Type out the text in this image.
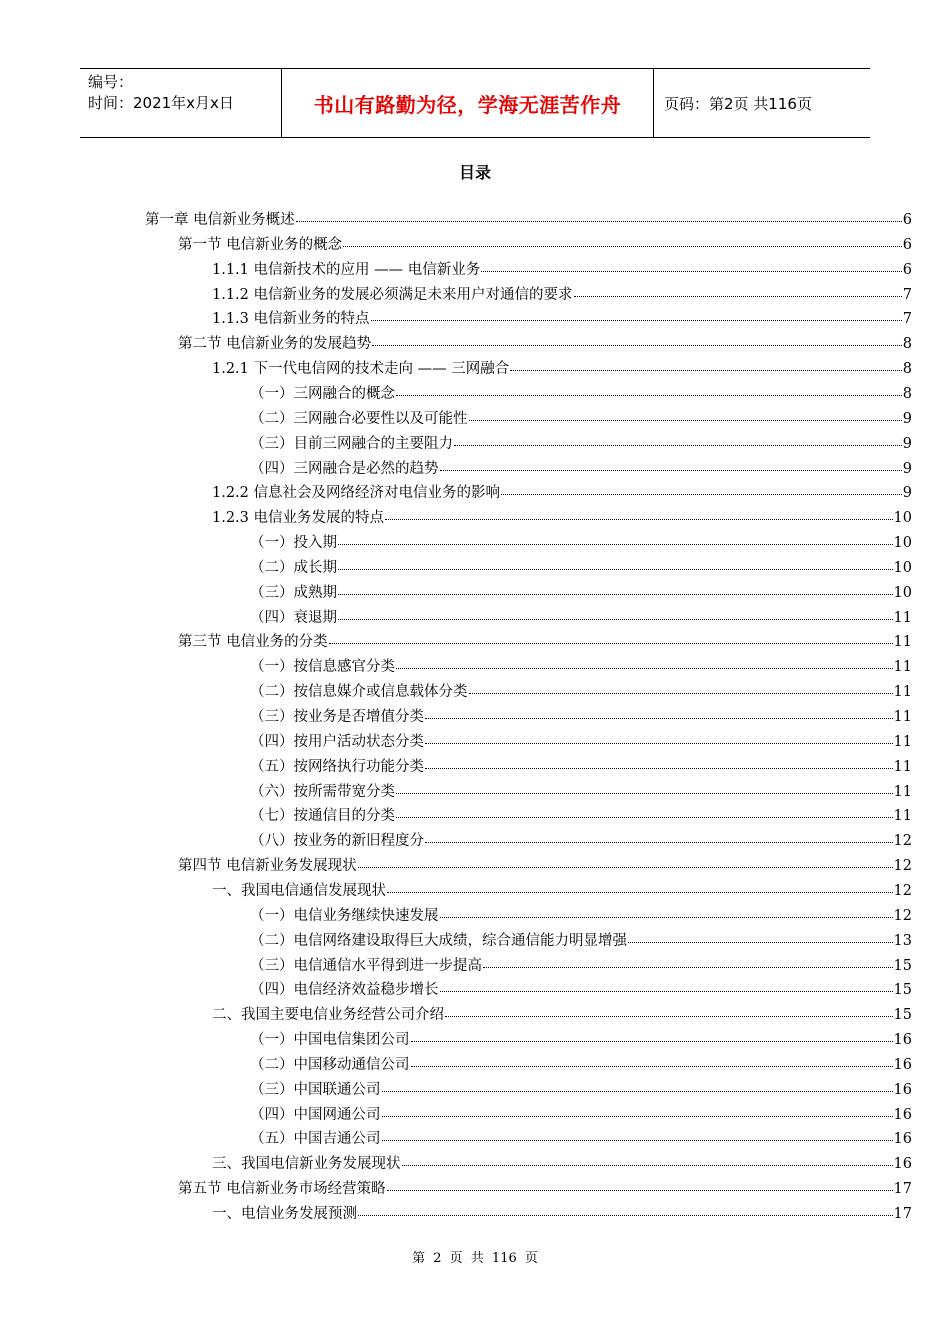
编号：
时间：2021年x月x日	书山有路勤为径，学海无涯苦作舟	页码：第2页 共116页
目录
第一章 电信新业务概述	6
第一节 电信新业务的概念	6
1.1.1 电信新技术的应用 —— 电信新业务	6
1.1.2 电信新业务的发展必须满足未来用户对通信的要求	7
1.1.3 电信新业务的特点	7
第二节 电信新业务的发展趋势	8
1.2.1 下一代电信网的技术走向 —— 三网融合	8
（一）三网融合的概念	8
（二）三网融合必要性以及可能性	9
（三）目前三网融合的主要阻力	9
（四）三网融合是必然的趋势	9
1.2.2 信息社会及网络经济对电信业务的影响	9
1.2.3 电信业务发展的特点	10
（一）投入期	10
（二）成长期	10
（三）成熟期	10
（四）衰退期	11
第三节 电信业务的分类	11
（一）按信息感官分类	11
（二）按信息媒介或信息载体分类	11
（三）按业务是否增值分类	11
（四）按用户活动状态分类	11
（五）按网络执行功能分类	11
（六）按所需带宽分类	11
（七）按通信目的分类	11
（八）按业务的新旧程度分	12
第四节 电信新业务发展现状	12
一、我国电信通信发展现状	12
（一）电信业务继续快速发展	12
（二）电信网络建设取得巨大成绩，综合通信能力明显增强	13
（三）电信通信水平得到进一步提高	15
（四）电信经济效益稳步增长	15
二、我国主要电信业务经营公司介绍	15
（一）中国电信集团公司	16
（二）中国移动通信公司	16
（三）中国联通公司	16
（四）中国网通公司	16
（五）中国吉通公司	16
三、我国电信新业务发展现状	16
第五节 电信新业务市场经营策略	17
一、电信业务发展预测	17
第 2 页 共 116 页
